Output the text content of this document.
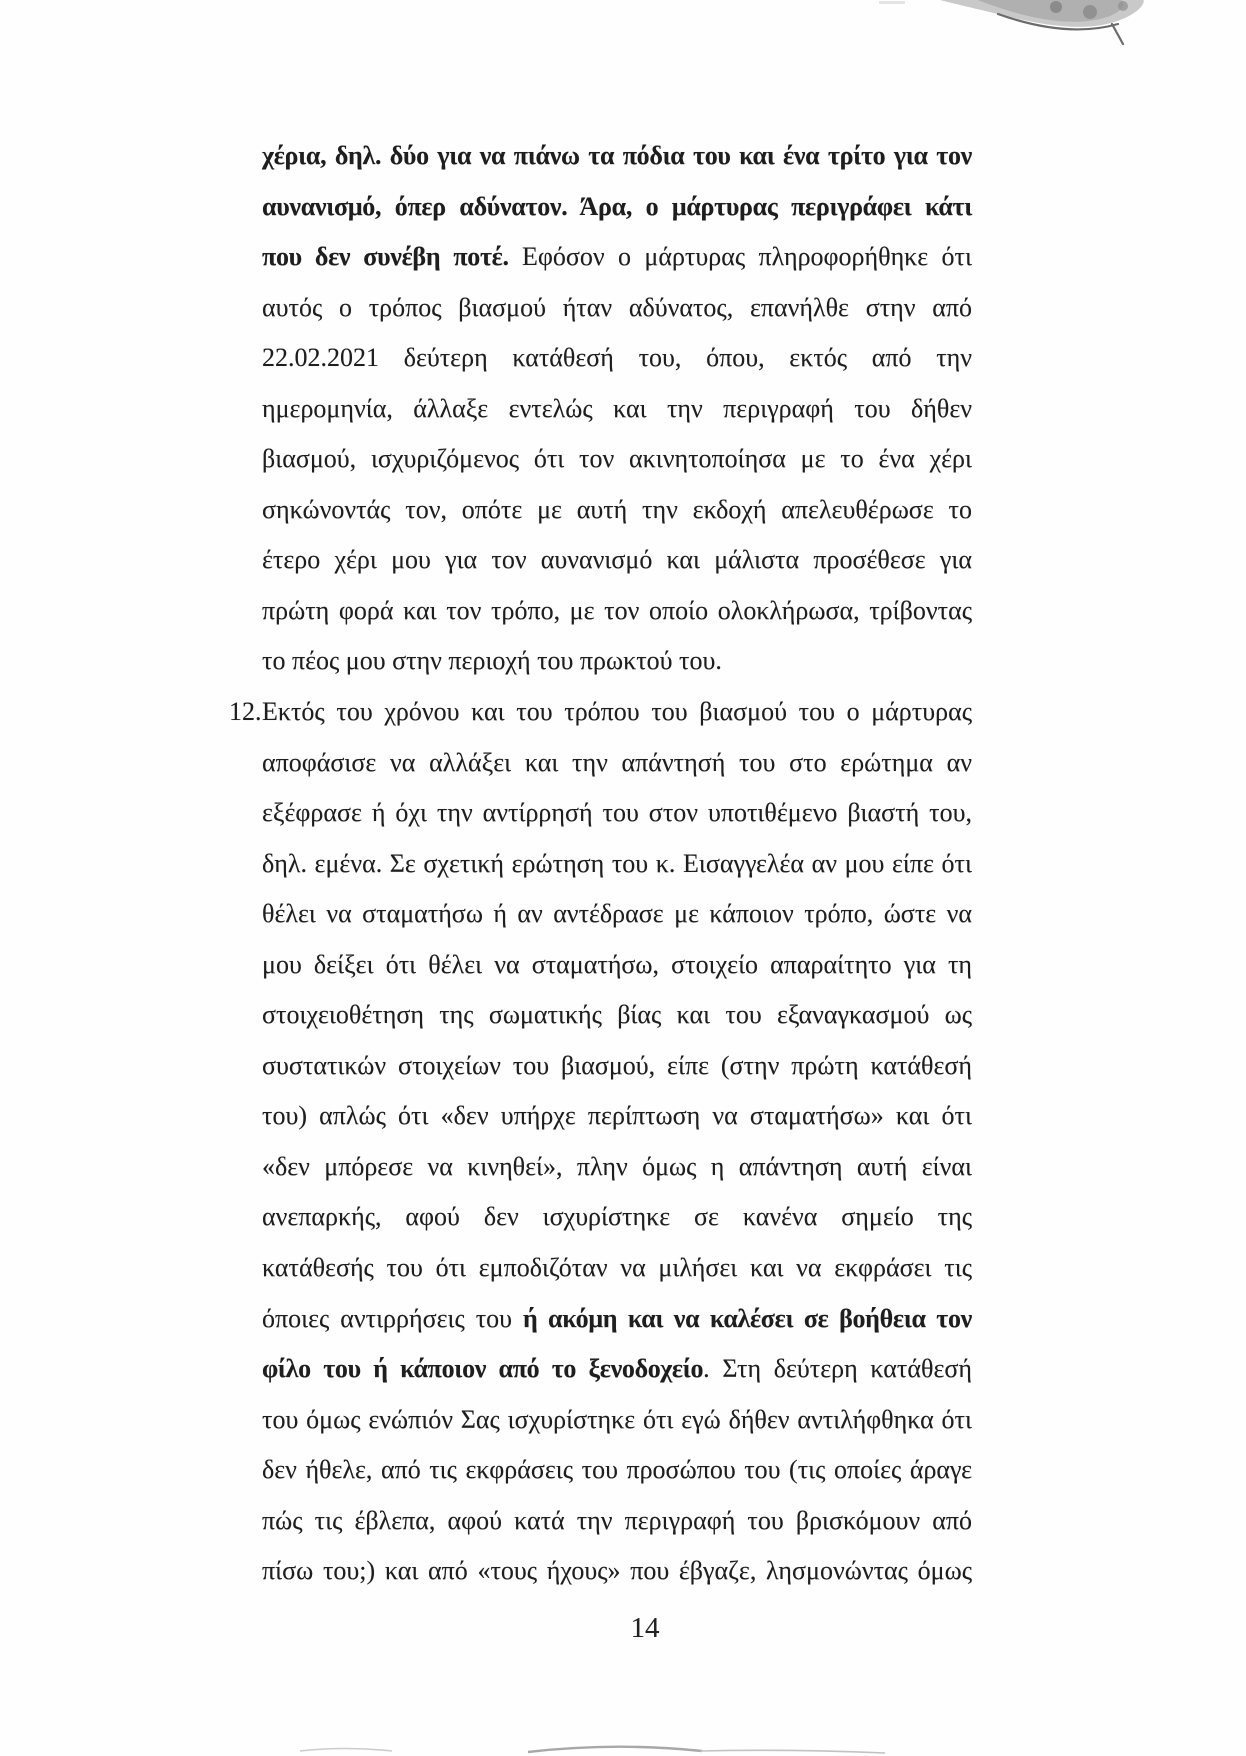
χέρια, δηλ. δύο για να πιάνω τα πόδια του και ένα τρίτο για τον
αυνανισμό, όπερ αδύνατον. Άρα, ο μάρτυρας περιγράφει κάτι
που δεν συνέβη ποτέ. Εφόσον ο μάρτυρας πληροφορήθηκε ότι
αυτός ο τρόπος βιασμού ήταν αδύνατος, επανήλθε στην από
22.02.2021 δεύτερη κατάθεσή του, όπου, εκτός από την
ημερομηνία, άλλαξε εντελώς και την περιγραφή του δήθεν
βιασμού, ισχυριζόμενος ότι τον ακινητοποίησα με το ένα χέρι
σηκώνοντάς τον, οπότε με αυτή την εκδοχή απελευθέρωσε το
έτερο χέρι μου για τον αυνανισμό και μάλιστα προσέθεσε για
πρώτη φορά και τον τρόπο, με τον οποίο ολοκλήρωσα, τρίβοντας
το πέος μου στην περιοχή του πρωκτού του.
12. Εκτός του χρόνου και του τρόπου του βιασμού του ο μάρτυρας
αποφάσισε να αλλάξει και την απάντησή του στο ερώτημα αν
εξέφρασε ή όχι την αντίρρησή του στον υποτιθέμενο βιαστή του,
δηλ. εμένα. Σε σχετική ερώτηση του κ. Εισαγγελέα αν μου είπε ότι
θέλει να σταματήσω ή αν αντέδρασε με κάποιον τρόπο, ώστε να
μου δείξει ότι θέλει να σταματήσω, στοιχείο απαραίτητο για τη
στοιχειοθέτηση της σωματικής βίας και του εξαναγκασμού ως
συστατικών στοιχείων του βιασμού, είπε (στην πρώτη κατάθεσή
του) απλώς ότι «δεν υπήρχε περίπτωση να σταματήσω» και ότι
«δεν μπόρεσε να κινηθεί», πλην όμως η απάντηση αυτή είναι
ανεπαρκής, αφού δεν ισχυρίστηκε σε κανένα σημείο της
κατάθεσής του ότι εμποδιζόταν να μιλήσει και να εκφράσει τις
όποιες αντιρρήσεις του ή ακόμη και να καλέσει σε βοήθεια τον
φίλο του ή κάποιον από το ξενοδοχείο. Στη δεύτερη κατάθεσή
του όμως ενώπιόν Σας ισχυρίστηκε ότι εγώ δήθεν αντιλήφθηκα ότι
δεν ήθελε, από τις εκφράσεις του προσώπου του (τις οποίες άραγε
πώς τις έβλεπα, αφού κατά την περιγραφή του βρισκόμουν από
πίσω του;) και από «τους ήχους» που έβγαζε, λησμονώντας όμως
14
